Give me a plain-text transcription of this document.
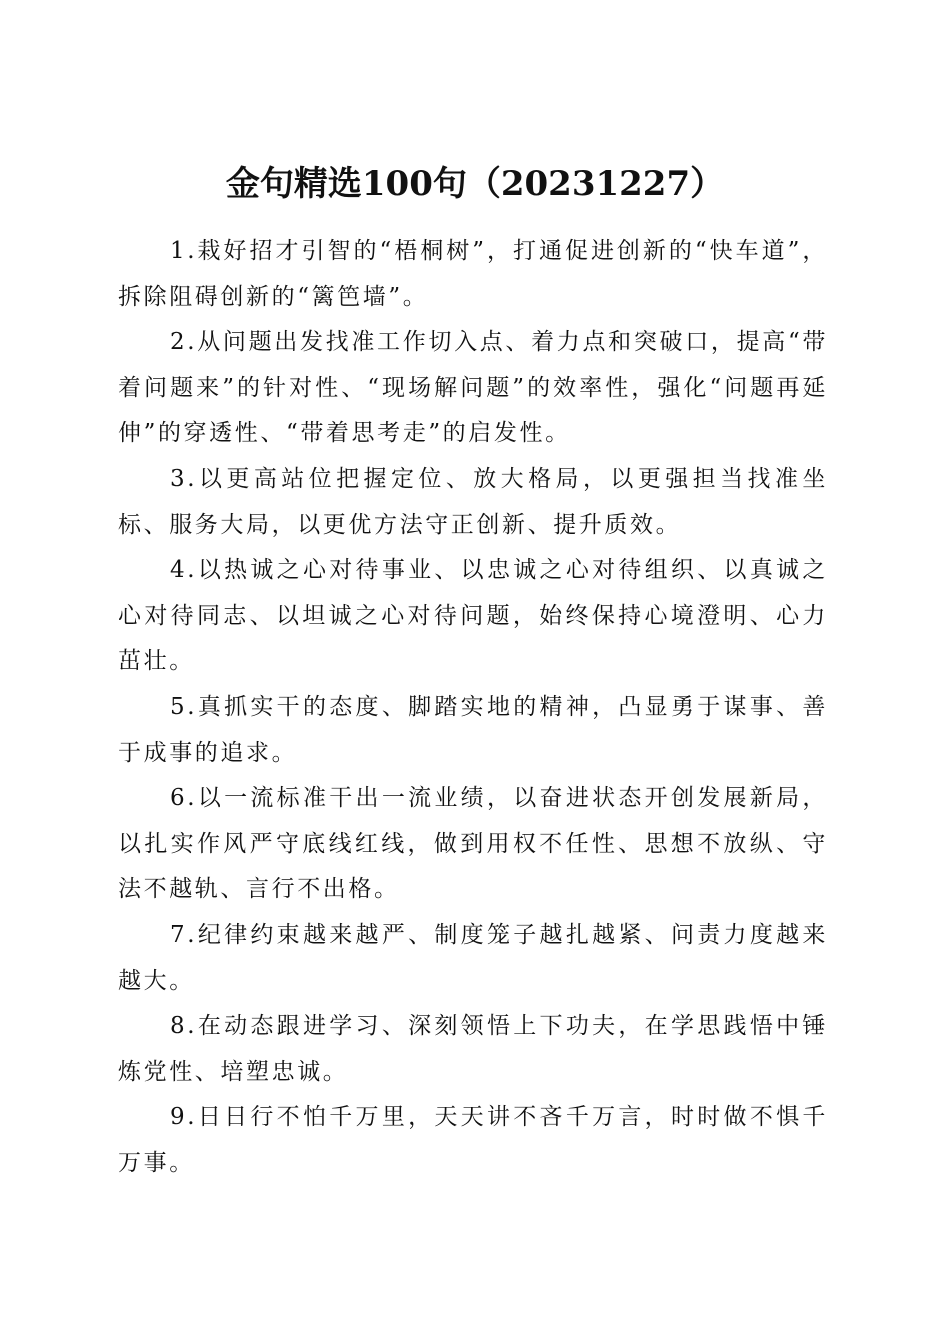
金句精选100句（20231227）

1.栽好招才引智的“梧桐树”，打通促进创新的“快车道”，拆除阻碍创新的“篱笆墙”。

2.从问题出发找准工作切入点、着力点和突破口，提高“带着问题来”的针对性、“现场解问题”的效率性，强化“问题再延伸”的穿透性、“带着思考走”的启发性。

3.以更高站位把握定位、放大格局，以更强担当找准坐标、服务大局，以更优方法守正创新、提升质效。

4.以热诚之心对待事业、以忠诚之心对待组织、以真诚之心对待同志、以坦诚之心对待问题，始终保持心境澄明、心力茁壮。

5.真抓实干的态度、脚踏实地的精神，凸显勇于谋事、善于成事的追求。

6.以一流标准干出一流业绩，以奋进状态开创发展新局，以扎实作风严守底线红线，做到用权不任性、思想不放纵、守法不越轨、言行不出格。

7.纪律约束越来越严、制度笼子越扎越紧、问责力度越来越大。

8.在动态跟进学习、深刻领悟上下功夫，在学思践悟中锤炼党性、培塑忠诚。

9.日日行不怕千万里，天天讲不吝千万言，时时做不惧千万事。
